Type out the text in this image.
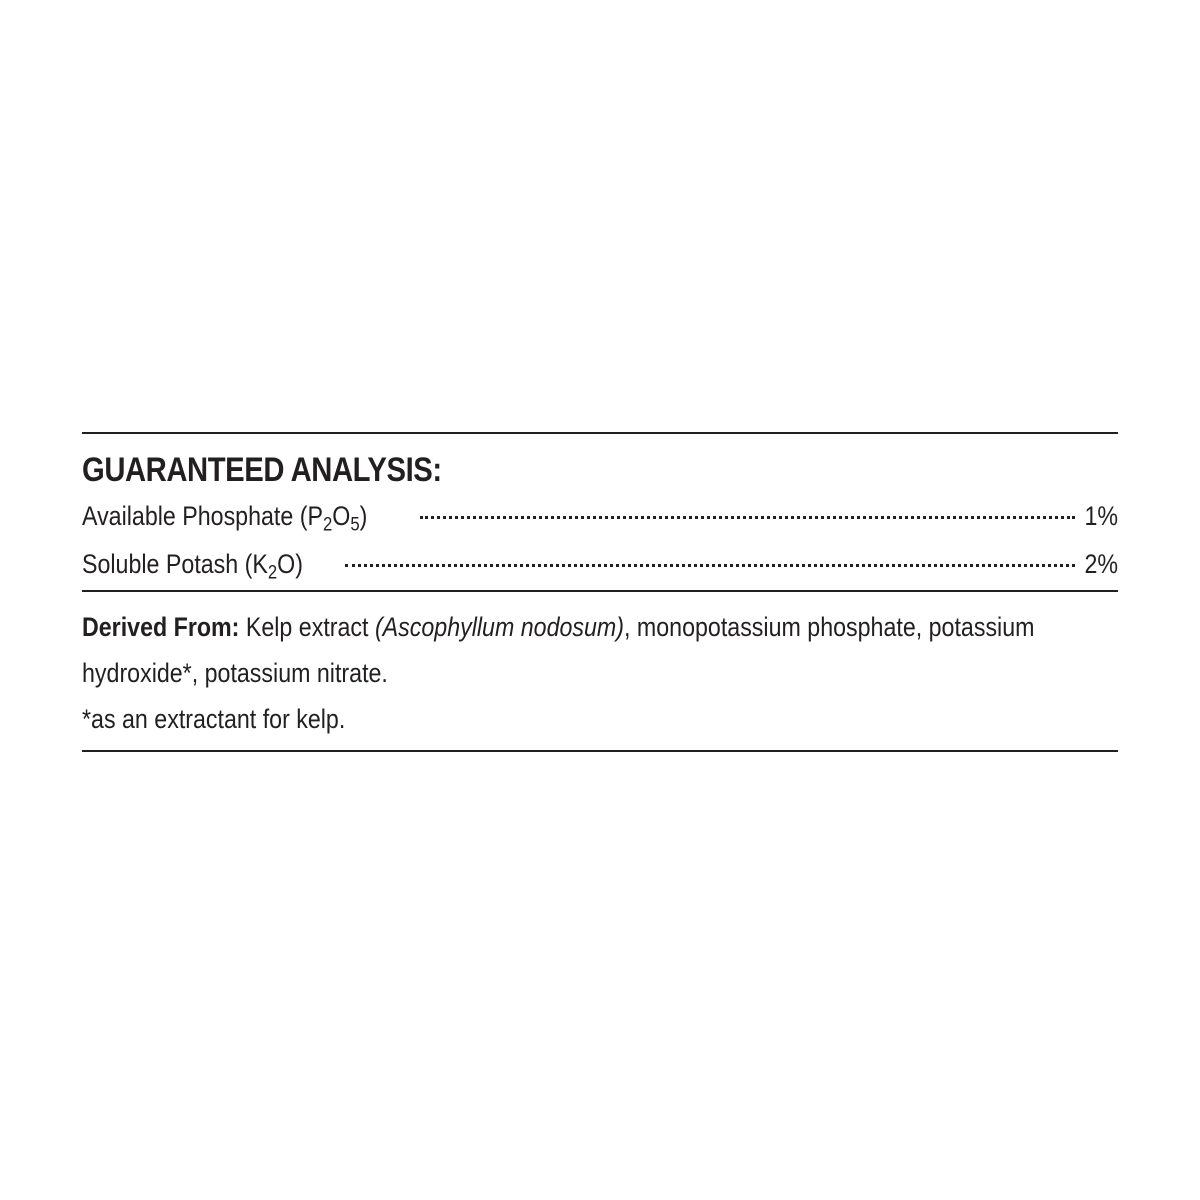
GUARANTEED ANALYSIS:
Available Phosphate $(P_2O_5)$	1%
Soluble Potash $(K_2O)$	2%
Derived From: Kelp extract (Ascophyllum nodosum), monopotassium phosphate, potassium hydroxide*, potassium nitrate.
*as an extractant for kelp.
